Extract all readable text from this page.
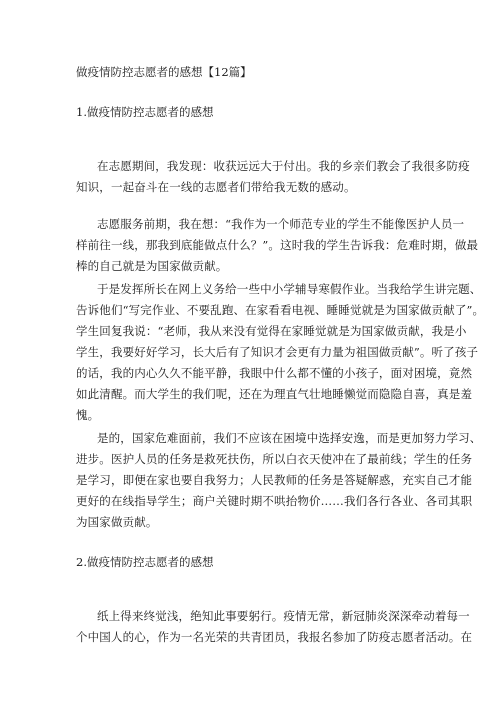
做疫情防控志愿者的感想【12篇】
1.做疫情防控志愿者的感想
在志愿期间，我发现：收获远远大于付出。我的乡亲们教会了我很多防疫
知识，一起奋斗在一线的志愿者们带给我无数的感动。
志愿服务前期，我在想：“我作为一个师范专业的学生不能像医护人员一
样前往一线，那我到底能做点什么？”。这时我的学生告诉我：危难时期，做最
棒的自己就是为国家做贡献。
于是发挥所长在网上义务给一些中小学辅导寒假作业。当我给学生讲完题、
告诉他们“写完作业、不要乱跑、在家看看电视、睡睡觉就是为国家做贡献了”。
学生回复我说：“老师，我从来没有觉得在家睡觉就是为国家做贡献，我是小
学生，我要好好学习，长大后有了知识才会更有力量为祖国做贡献”。听了孩子
的话，我的内心久久不能平静，我眼中什么都不懂的小孩子，面对困境，竟然
如此清醒。而大学生的我们呢，还在为理直气壮地睡懒觉而隐隐自喜，真是羞
愧。
是的，国家危难面前，我们不应该在困境中选择安逸，而是更加努力学习、
进步。医护人员的任务是救死扶伤，所以白衣天使冲在了最前线；学生的任务
是学习，即便在家也要自我努力；人民教师的任务是答疑解惑，充实自己才能
更好的在线指导学生；商户关键时期不哄抬物价……我们各行各业、各司其职
为国家做贡献。
2.做疫情防控志愿者的感想
纸上得来终觉浅，绝知此事要躬行。疫情无常，新冠肺炎深深牵动着每一
个中国人的心，作为一名光荣的共青团员，我报名参加了防疫志愿者活动。在
